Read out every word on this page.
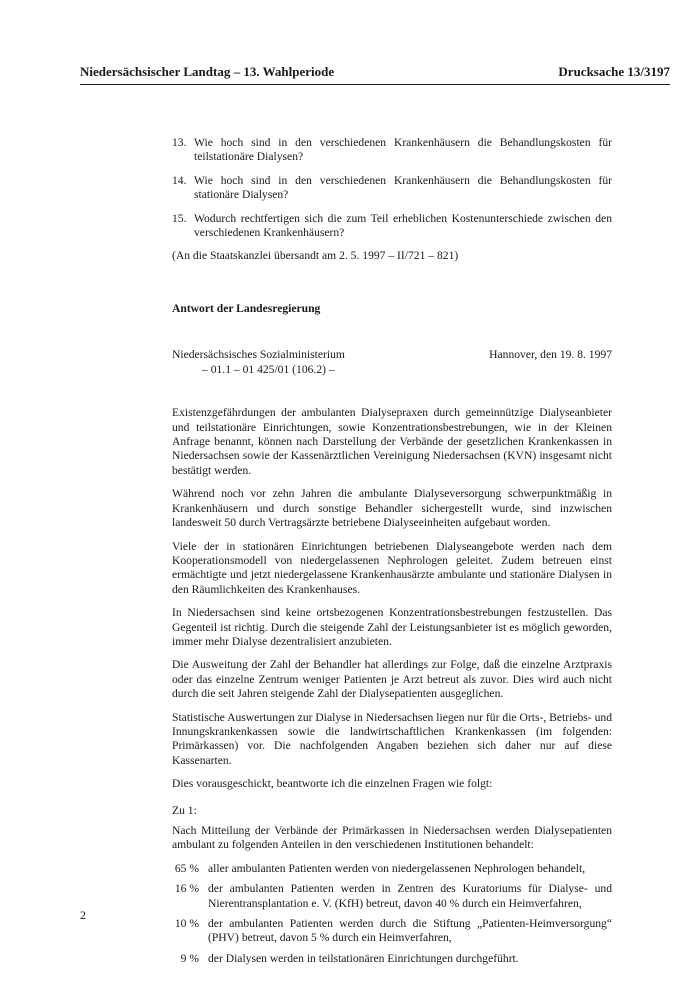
Niedersächsischer Landtag – 13. Wahlperiode	Drucksache 13/3197
13. Wie hoch sind in den verschiedenen Krankenhäusern die Behandlungskosten für teilstationäre Dialysen?
14. Wie hoch sind in den verschiedenen Krankenhäusern die Behandlungskosten für stationäre Dialysen?
15. Wodurch rechtfertigen sich die zum Teil erheblichen Kostenunterschiede zwischen den verschiedenen Krankenhäusern?
(An die Staatskanzlei übersandt am 2. 5. 1997 – II/721 – 821)
Antwort der Landesregierung
Niedersächsisches Sozialministerium
– 01.1 – 01 425/01 (106.2) –
Hannover, den 19. 8. 1997

Existenzgefährdungen der ambulanten Dialysepraxen durch gemeinnützige Dialyseanbieter und teilstationäre Einrichtungen, sowie Konzentrationsbestrebungen, wie in der Kleinen Anfrage benannt, können nach Darstellung der Verbände der gesetzlichen Krankenkassen in Niedersachsen sowie der Kassenärztlichen Vereinigung Niedersachsen (KVN) insgesamt nicht bestätigt werden.

Während noch vor zehn Jahren die ambulante Dialyseversorgung schwerpunktmäßig in Krankenhäusern und durch sonstige Behandler sichergestellt wurde, sind inzwischen landesweit 50 durch Vertragsärzte betriebene Dialyseeinheiten aufgebaut worden.

Viele der in stationären Einrichtungen betriebenen Dialyseangebote werden nach dem Kooperationsmodell von niedergelassenen Nephrologen geleitet. Zudem betreuen einst ermächtigte und jetzt niedergelassene Krankenhausärzte ambulante und stationäre Dialysen in den Räumlichkeiten des Krankenhauses.

In Niedersachsen sind keine ortsbezogenen Konzentrationsbestrebungen festzustellen. Das Gegenteil ist richtig. Durch die steigende Zahl der Leistungsanbieter ist es möglich geworden, immer mehr Dialyse dezentralisiert anzubieten.

Die Ausweitung der Zahl der Behandler hat allerdings zur Folge, daß die einzelne Arztpraxis oder das einzelne Zentrum weniger Patienten je Arzt betreut als zuvor. Dies wird auch nicht durch die seit Jahren steigende Zahl der Dialysepatienten ausgeglichen.

Statistische Auswertungen zur Dialyse in Niedersachsen liegen nur für die Orts-, Betriebs- und Innungskrankenkassen sowie die landwirtschaftlichen Krankenkassen (im folgenden: Primärkassen) vor. Die nachfolgenden Angaben beziehen sich daher nur auf diese Kassenarten.

Dies vorausgeschickt, beantworte ich die einzelnen Fragen wie folgt:

Zu 1:

Nach Mitteilung der Verbände der Primärkassen in Niedersachsen werden Dialysepatienten ambulant zu folgenden Anteilen in den verschiedenen Institutionen behandelt:

65 % aller ambulanten Patienten werden von niedergelassenen Nephrologen behandelt,
16 % der ambulanten Patienten werden in Zentren des Kuratoriums für Dialyse- und Nierentransplantation e. V. (KfH) betreut, davon 40 % durch ein Heimverfahren,
10 % der ambulanten Patienten werden durch die Stiftung „Patienten-Heimversorgung“ (PHV) betreut, davon 5 % durch ein Heimverfahren,
9 % der Dialysen werden in teilstationären Einrichtungen durchgeführt.
2
